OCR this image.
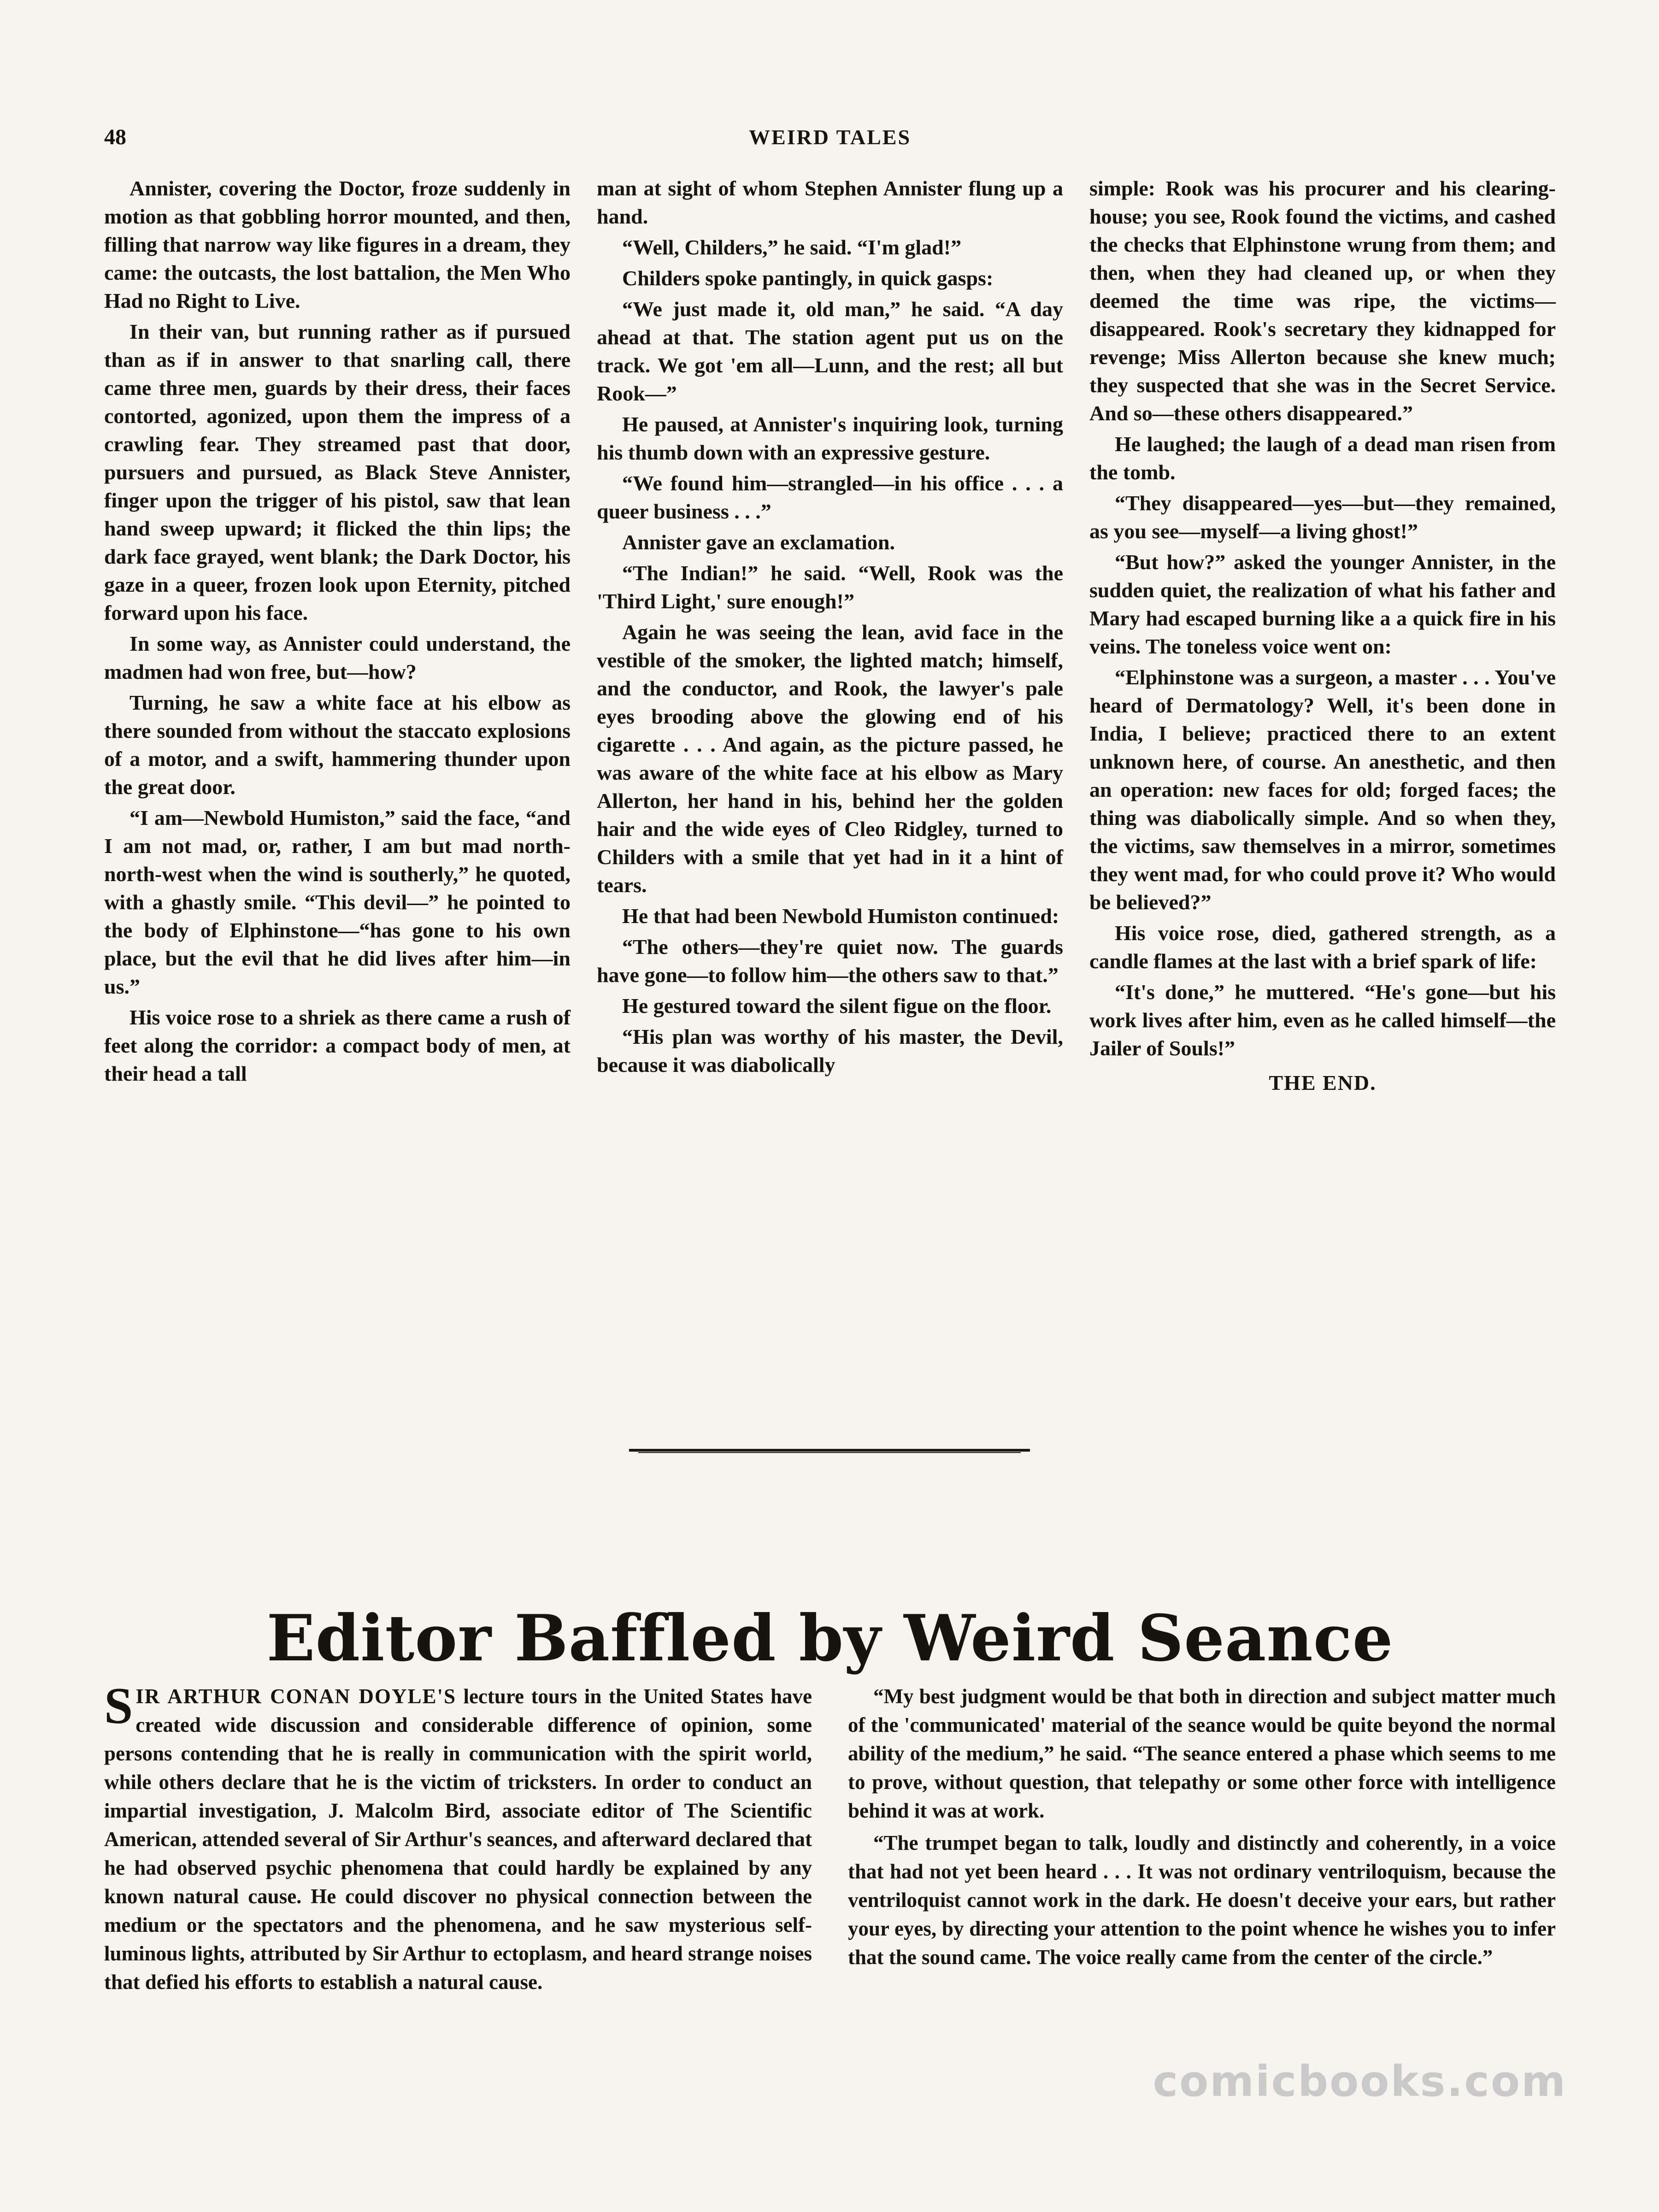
48	WEIRD TALES

Annister, covering the Doctor, froze suddenly in motion as that gobbling horror mounted, and then, filling that narrow way like figures in a dream, they came: the outcasts, the lost battalion, the Men Who Had no Right to Live.

In their van, but running rather as if pursued than as if in answer to that snarling call, there came three men, guards by their dress, their faces contorted, agonized, upon them the impress of a crawling fear. They streamed past that door, pursuers and pursued, as Black Steve Annister, finger upon the trigger of his pistol, saw that lean hand sweep upward; it flicked the thin lips; the dark face grayed, went blank; the Dark Doctor, his gaze in a queer, frozen look upon Eternity, pitched forward upon his face.

In some way, as Annister could understand, the madmen had won free, but—how?

Turning, he saw a white face at his elbow as there sounded from without the staccato explosions of a motor, and a swift, hammering thunder upon the great door.

“I am—Newbold Humiston,” said the face, “and I am not mad, or, rather, I am but mad north-north-west when the wind is southerly,” he quoted, with a ghastly smile. “This devil—” he pointed to the body of Elphinstone—“has gone to his own place, but the evil that he did lives after him—in us.”

His voice rose to a shriek as there came a rush of feet along the corridor: a compact body of men, at their head a tall

man at sight of whom Stephen Annister flung up a hand.

“Well, Childers,” he said. “I'm glad!”

Childers spoke pantingly, in quick gasps:

“We just made it, old man,” he said. “A day ahead at that. The station agent put us on the track. We got 'em all—Lunn, and the rest; all but Rook—”

He paused, at Annister's inquiring look, turning his thumb down with an expressive gesture.

“We found him—strangled—in his office . . . a queer business . . .”

Annister gave an exclamation.

“The Indian!” he said. “Well, Rook was the 'Third Light,' sure enough!”

Again he was seeing the lean, avid face in the vestible of the smoker, the lighted match; himself, and the conductor, and Rook, the lawyer's pale eyes brooding above the glowing end of his cigarette . . . And again, as the picture passed, he was aware of the white face at his elbow as Mary Allerton, her hand in his, behind her the golden hair and the wide eyes of Cleo Ridgley, turned to Childers with a smile that yet had in it a hint of tears.

He that had been Newbold Humiston continued:

“The others—they're quiet now. The guards have gone—to follow him—the others saw to that.”

He gestured toward the silent figue on the floor.

“His plan was worthy of his master, the Devil, because it was diabolically

simple: Rook was his procurer and his clearing-house; you see, Rook found the victims, and cashed the checks that Elphinstone wrung from them; and then, when they had cleaned up, or when they deemed the time was ripe, the victims—disappeared. Rook's secretary they kidnapped for revenge; Miss Allerton because she knew much; they suspected that she was in the Secret Service. And so—these others disappeared.”

He laughed; the laugh of a dead man risen from the tomb.

“They disappeared—yes—but—they remained, as you see—myself—a living ghost!”

“But how?” asked the younger Annister, in the sudden quiet, the realization of what his father and Mary had escaped burning like a a quick fire in his veins. The toneless voice went on:

“Elphinstone was a surgeon, a master . . . You've heard of Dermatology? Well, it's been done in India, I believe; practiced there to an extent unknown here, of course. An anesthetic, and then an operation: new faces for old; forged faces; the thing was diabolically simple. And so when they, the victims, saw themselves in a mirror, sometimes they went mad, for who could prove it? Who would be believed?”

His voice rose, died, gathered strength, as a candle flames at the last with a brief spark of life:

“It's done,” he muttered. “He's gone—but his work lives after him, even as he called himself—the Jailer of Souls!”

THE END.

Editor Baffled by Weird Seance

SIR ARTHUR CONAN DOYLE'S lecture tours in the United States have created wide discussion and considerable difference of opinion, some persons contending that he is really in communication with the spirit world, while others declare that he is the victim of tricksters. In order to conduct an impartial investigation, J. Malcolm Bird, associate editor of The Scientific American, attended several of Sir Arthur's seances, and afterward declared that he had observed psychic phenomena that could hardly be explained by any known natural cause. He could discover no physical connection between the medium or the spectators and the phenomena, and he saw mysterious self-luminous lights, attributed by Sir Arthur to ectoplasm, and heard strange noises that defied his efforts to establish a natural cause.

“My best judgment would be that both in direction and subject matter much of the 'communicated' material of the seance would be quite beyond the normal ability of the medium,” he said. “The seance entered a phase which seems to me to prove, without question, that telepathy or some other force with intelligence behind it was at work.

“The trumpet began to talk, loudly and distinctly and coherently, in a voice that had not yet been heard . . . It was not ordinary ventriloquism, because the ventriloquist cannot work in the dark. He doesn't deceive your ears, but rather your eyes, by directing your attention to the point whence he wishes you to infer that the sound came. The voice really came from the center of the circle.”

comicbooks.com
